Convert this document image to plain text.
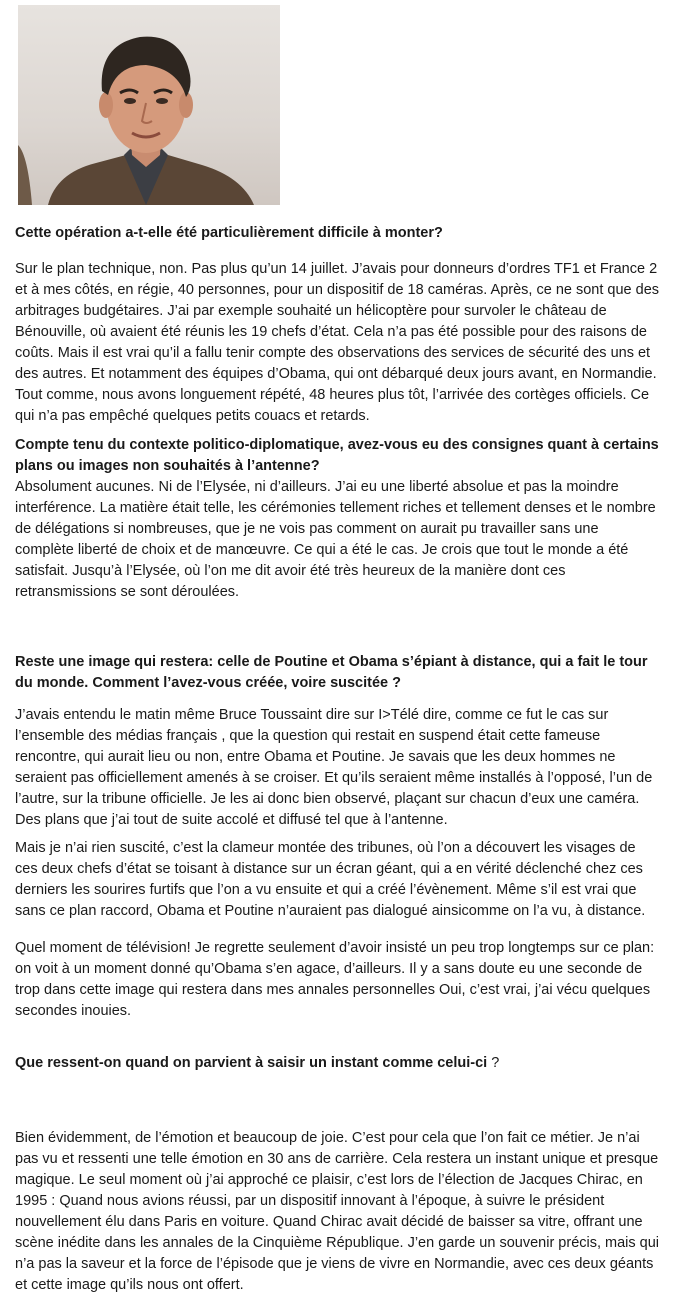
Cette opération a-t-elle été particulièrement difficile à monter?

Sur le plan technique, non. Pas plus qu’un 14 juillet. J’avais pour donneurs d’ordres TF1 et France 2 et à mes côtés, en régie, 40 personnes, pour un dispositif de 18 caméras. Après, ce ne sont que des arbitrages budgétaires. J’ai par exemple souhaité un hélicoptère pour survoler le château de Bénouville, où avaient été réunis les 19 chefs d’état. Cela n’a pas été possible pour des raisons de coûts. Mais il est vrai qu’il a fallu tenir compte des observations des services de sécurité des uns et des autres. Et notamment des équipes d’Obama, qui ont débarqué deux jours avant, en Normandie. Tout comme, nous avons longuement répété, 48 heures plus tôt, l’arrivée des cortèges officiels. Ce qui n’a pas empêché quelques petits couacs et retards.

Compte tenu du contexte politico-diplomatique, avez-vous eu des consignes quant à certains plans ou images non souhaités à l’antenne?

Absolument aucunes. Ni de l’Elysée, ni d’ailleurs. J’ai eu une liberté absolue et pas la moindre interférence. La matière était telle, les cérémonies tellement riches et tellement denses et le nombre de délégations si nombreuses, que je ne vois pas comment on aurait pu travailler sans une complète liberté de choix et de manœuvre. Ce qui a été le cas. Je crois que tout le monde a été satisfait. Jusqu’à l’Elysée, où l’on me dit avoir été très heureux de la manière dont ces retransmissions se sont déroulées.

Reste une image qui restera: celle de Poutine et Obama s’épiant à distance, qui a fait le tour du monde. Comment l’avez-vous créée, voire suscitée ?

J’avais entendu le matin même Bruce Toussaint dire sur I>Télé dire, comme ce fut le cas sur l’ensemble des médias français , que la question qui restait en suspend était cette fameuse rencontre, qui aurait lieu ou non, entre Obama et Poutine. Je savais que les deux hommes ne seraient pas officiellement amenés à se croiser. Et qu’ils seraient même installés à l’opposé, l’un de l’autre, sur la tribune officielle. Je les ai donc bien observé, plaçant sur chacun d’eux une caméra. Des plans que j’ai tout de suite accolé et diffusé tel que à l’antenne.

Mais je n’ai rien suscité, c’est la clameur montée des tribunes, où l’on a découvert les visages de ces deux chefs d’état se toisant à distance sur un écran géant, qui a en vérité déclenché chez ces derniers les sourires furtifs que l’on a vu ensuite et qui a créé l’évènement. Même s’il est vrai que sans ce plan raccord, Obama et Poutine n’auraient pas dialogué ainsicomme on l’a vu, à distance.

Quel moment de télévision! Je regrette seulement d’avoir insisté un peu trop longtemps sur ce plan: on voit à un moment donné qu’Obama s’en agace, d’ailleurs. Il y a sans doute eu une seconde de trop dans cette image qui restera dans mes annales personnelles Oui, c’est vrai, j’ai vécu quelques secondes inouies.

Que ressent-on quand on parvient à saisir un instant comme celui-ci ?

Bien évidemment, de l’émotion et beaucoup de joie. C’est pour cela que l’on fait ce métier. Je n’ai pas vu et ressenti une telle émotion en 30 ans de carrière. Cela restera un instant unique et presque magique. Le seul moment où j’ai approché ce plaisir, c’est lors de l’élection de Jacques Chirac, en 1995 : Quand nous avions réussi, par un dispositif innovant à l’époque, à suivre le président nouvellement élu dans Paris en voiture. Quand Chirac avait décidé de baisser sa vitre, offrant une scène inédite dans les annales de la Cinquième République. J’en garde un souvenir précis, mais qui n’a pas la saveur et la force de l’épisode que je viens de vivre en Normandie, avec ces deux géants et cette image qu’ils nous ont offert.
